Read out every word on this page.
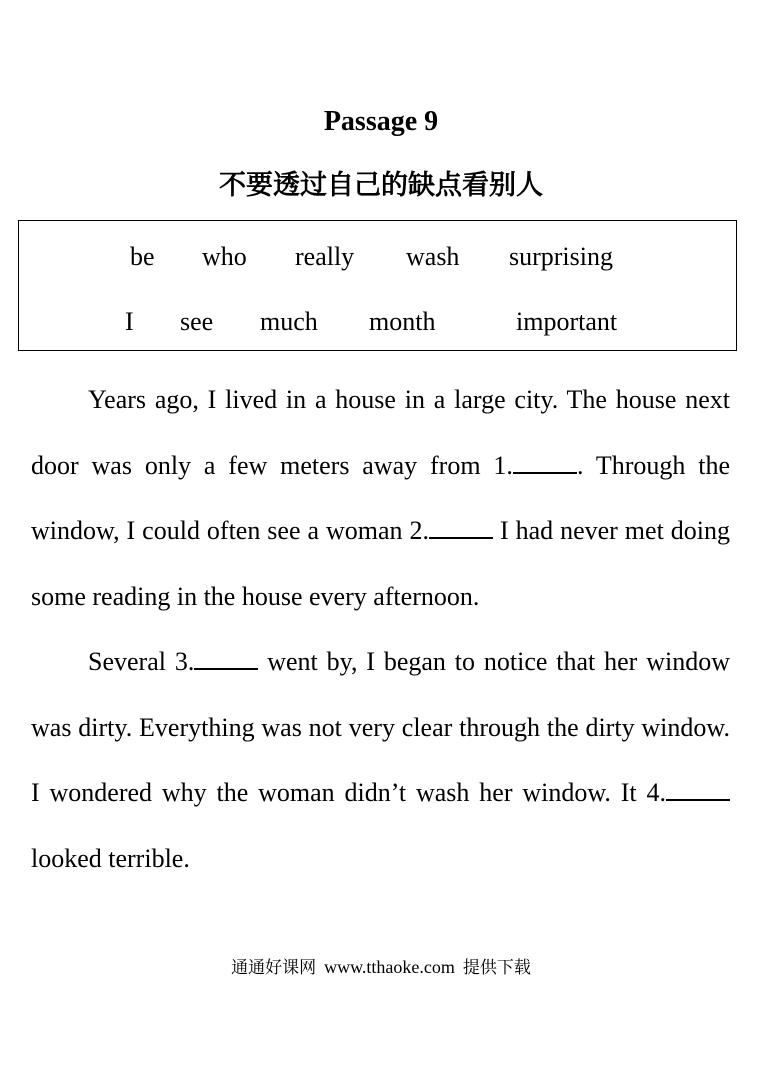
Passage 9
不要透过自己的缺点看别人
be who really wash surprising
I see much month	important

Years ago, I lived in a house in a large city. The house next door was only a few meters away from 1. . Through the window, I could often see a woman 2. I had never met doing some reading in the house every afternoon.

Several 3. went by, I began to notice that her window was dirty. Everything was not very clear through the dirty window. I wondered why the woman didn’t wash her window. It 4. looked terrible.

通通好课网 www.tthaoke.com 提供下载
